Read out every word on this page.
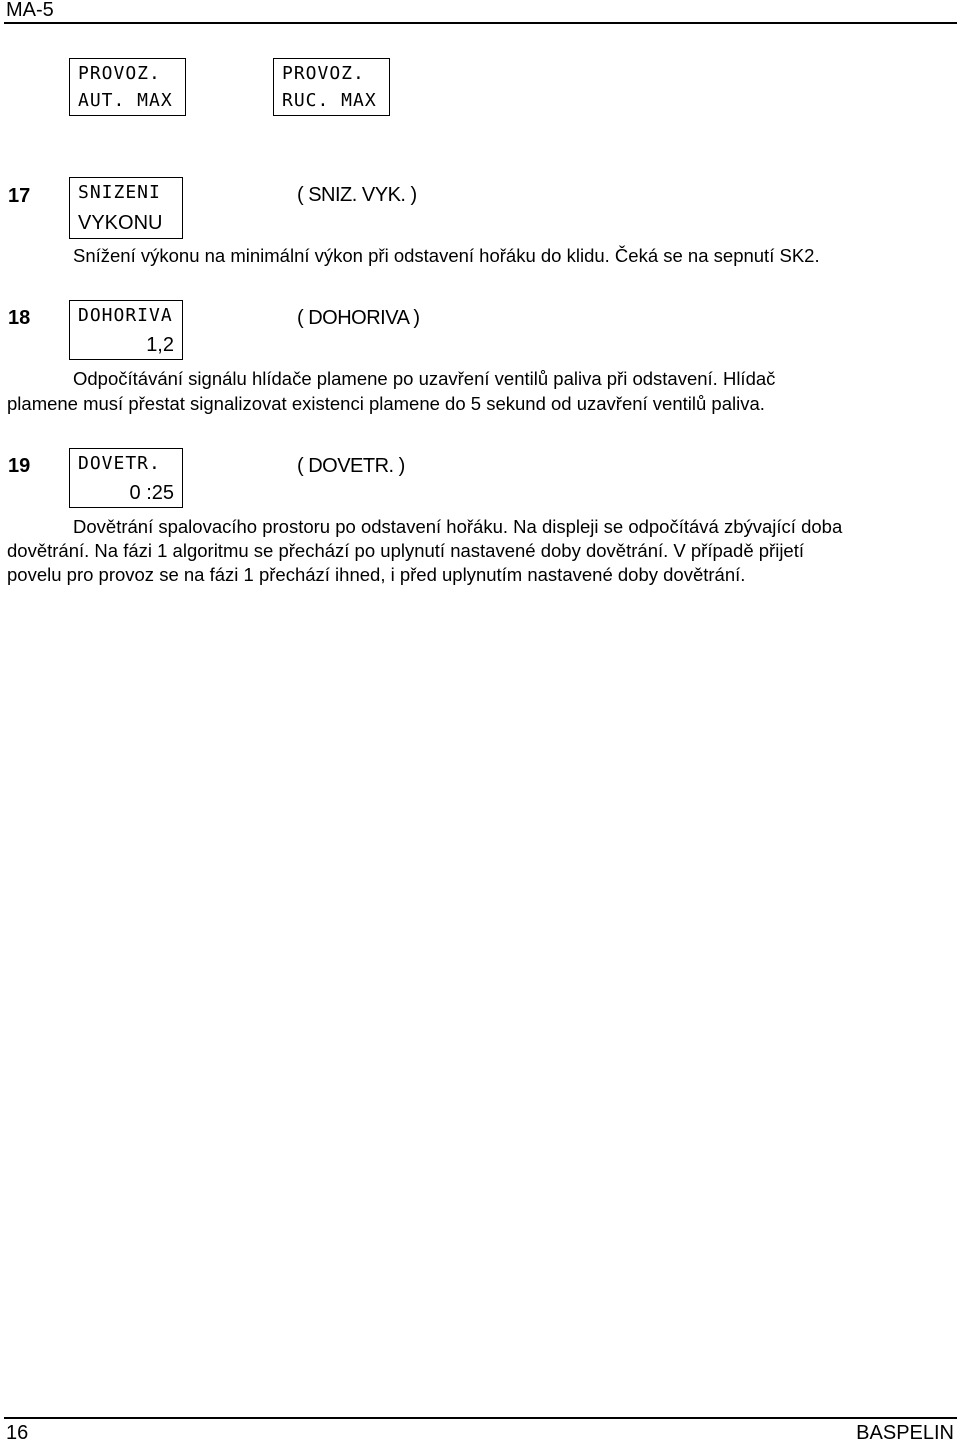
MA-5
PROVOZ.
AUT. MAX
PROVOZ.
RUC. MAX
17	SNIZENI
VYKONU
( SNIZ. VYK. )
Snížení výkonu na minimální výkon při odstavení hořáku do klidu. Čeká se na sepnutí SK2.
18	DOHORIVA
1,2
( DOHORIVA )
Odpočítávání signálu hlídače plamene po uzavření ventilů paliva při odstavení. Hlídač
plamene musí přestat signalizovat existenci plamene do 5 sekund od uzavření ventilů paliva.
19	DOVETR.
0 :25
( DOVETR. )
Dovětrání spalovacího prostoru po odstavení hořáku. Na displeji se odpočítává zbývající doba
dovětrání. Na fázi 1 algoritmu se přechází po uplynutí nastavené doby dovětrání. V případě přijetí
povelu pro provoz se na fázi 1 přechází ihned, i před uplynutím nastavené doby dovětrání.
16	BASPELIN
